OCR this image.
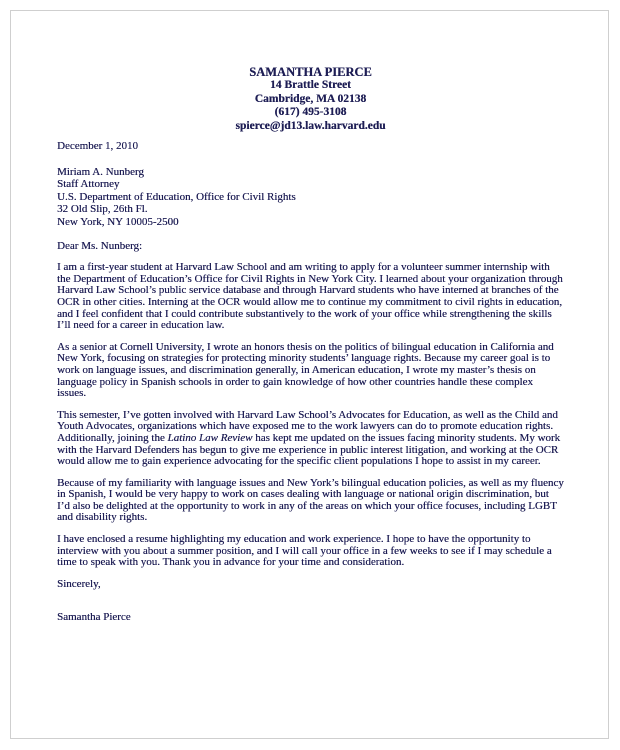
SAMANTHA PIERCE
14 Brattle Street
Cambridge, MA 02138
(617) 495-3108
spierce@jd13.law.harvard.edu
December 1, 2010
Miriam A. Nunberg
Staff Attorney
U.S. Department of Education, Office for Civil Rights
32 Old Slip, 26th Fl.
New York, NY 10005-2500
Dear Ms. Nunberg:

I am a first-year student at Harvard Law School and am writing to apply for a volunteer summer internship with the Department of Education’s Office for Civil Rights in New York City. I learned about your organization through Harvard Law School’s public service database and through Harvard students who have interned at branches of the OCR in other cities. Interning at the OCR would allow me to continue my commitment to civil rights in education, and I feel confident that I could contribute substantively to the work of your office while strengthening the skills I’ll need for a career in education law.

As a senior at Cornell University, I wrote an honors thesis on the politics of bilingual education in California and New York, focusing on strategies for protecting minority students’ language rights. Because my career goal is to work on language issues, and discrimination generally, in American education, I wrote my master’s thesis on language policy in Spanish schools in order to gain knowledge of how other countries handle these complex issues.

This semester, I’ve gotten involved with Harvard Law School’s Advocates for Education, as well as the Child and Youth Advocates, organizations which have exposed me to the work lawyers can do to promote education rights. Additionally, joining the Latino Law Review has kept me updated on the issues facing minority students. My work with the Harvard Defenders has begun to give me experience in public interest litigation, and working at the OCR would allow me to gain experience advocating for the specific client populations I hope to assist in my career.

Because of my familiarity with language issues and New York’s bilingual education policies, as well as my fluency in Spanish, I would be very happy to work on cases dealing with language or national origin discrimination, but I’d also be delighted at the opportunity to work in any of the areas on which your office focuses, including LGBT and disability rights.

I have enclosed a resume highlighting my education and work experience. I hope to have the opportunity to interview with you about a summer position, and I will call your office in a few weeks to see if I may schedule a time to speak with you. Thank you in advance for your time and consideration.

Sincerely,
Samantha Pierce
